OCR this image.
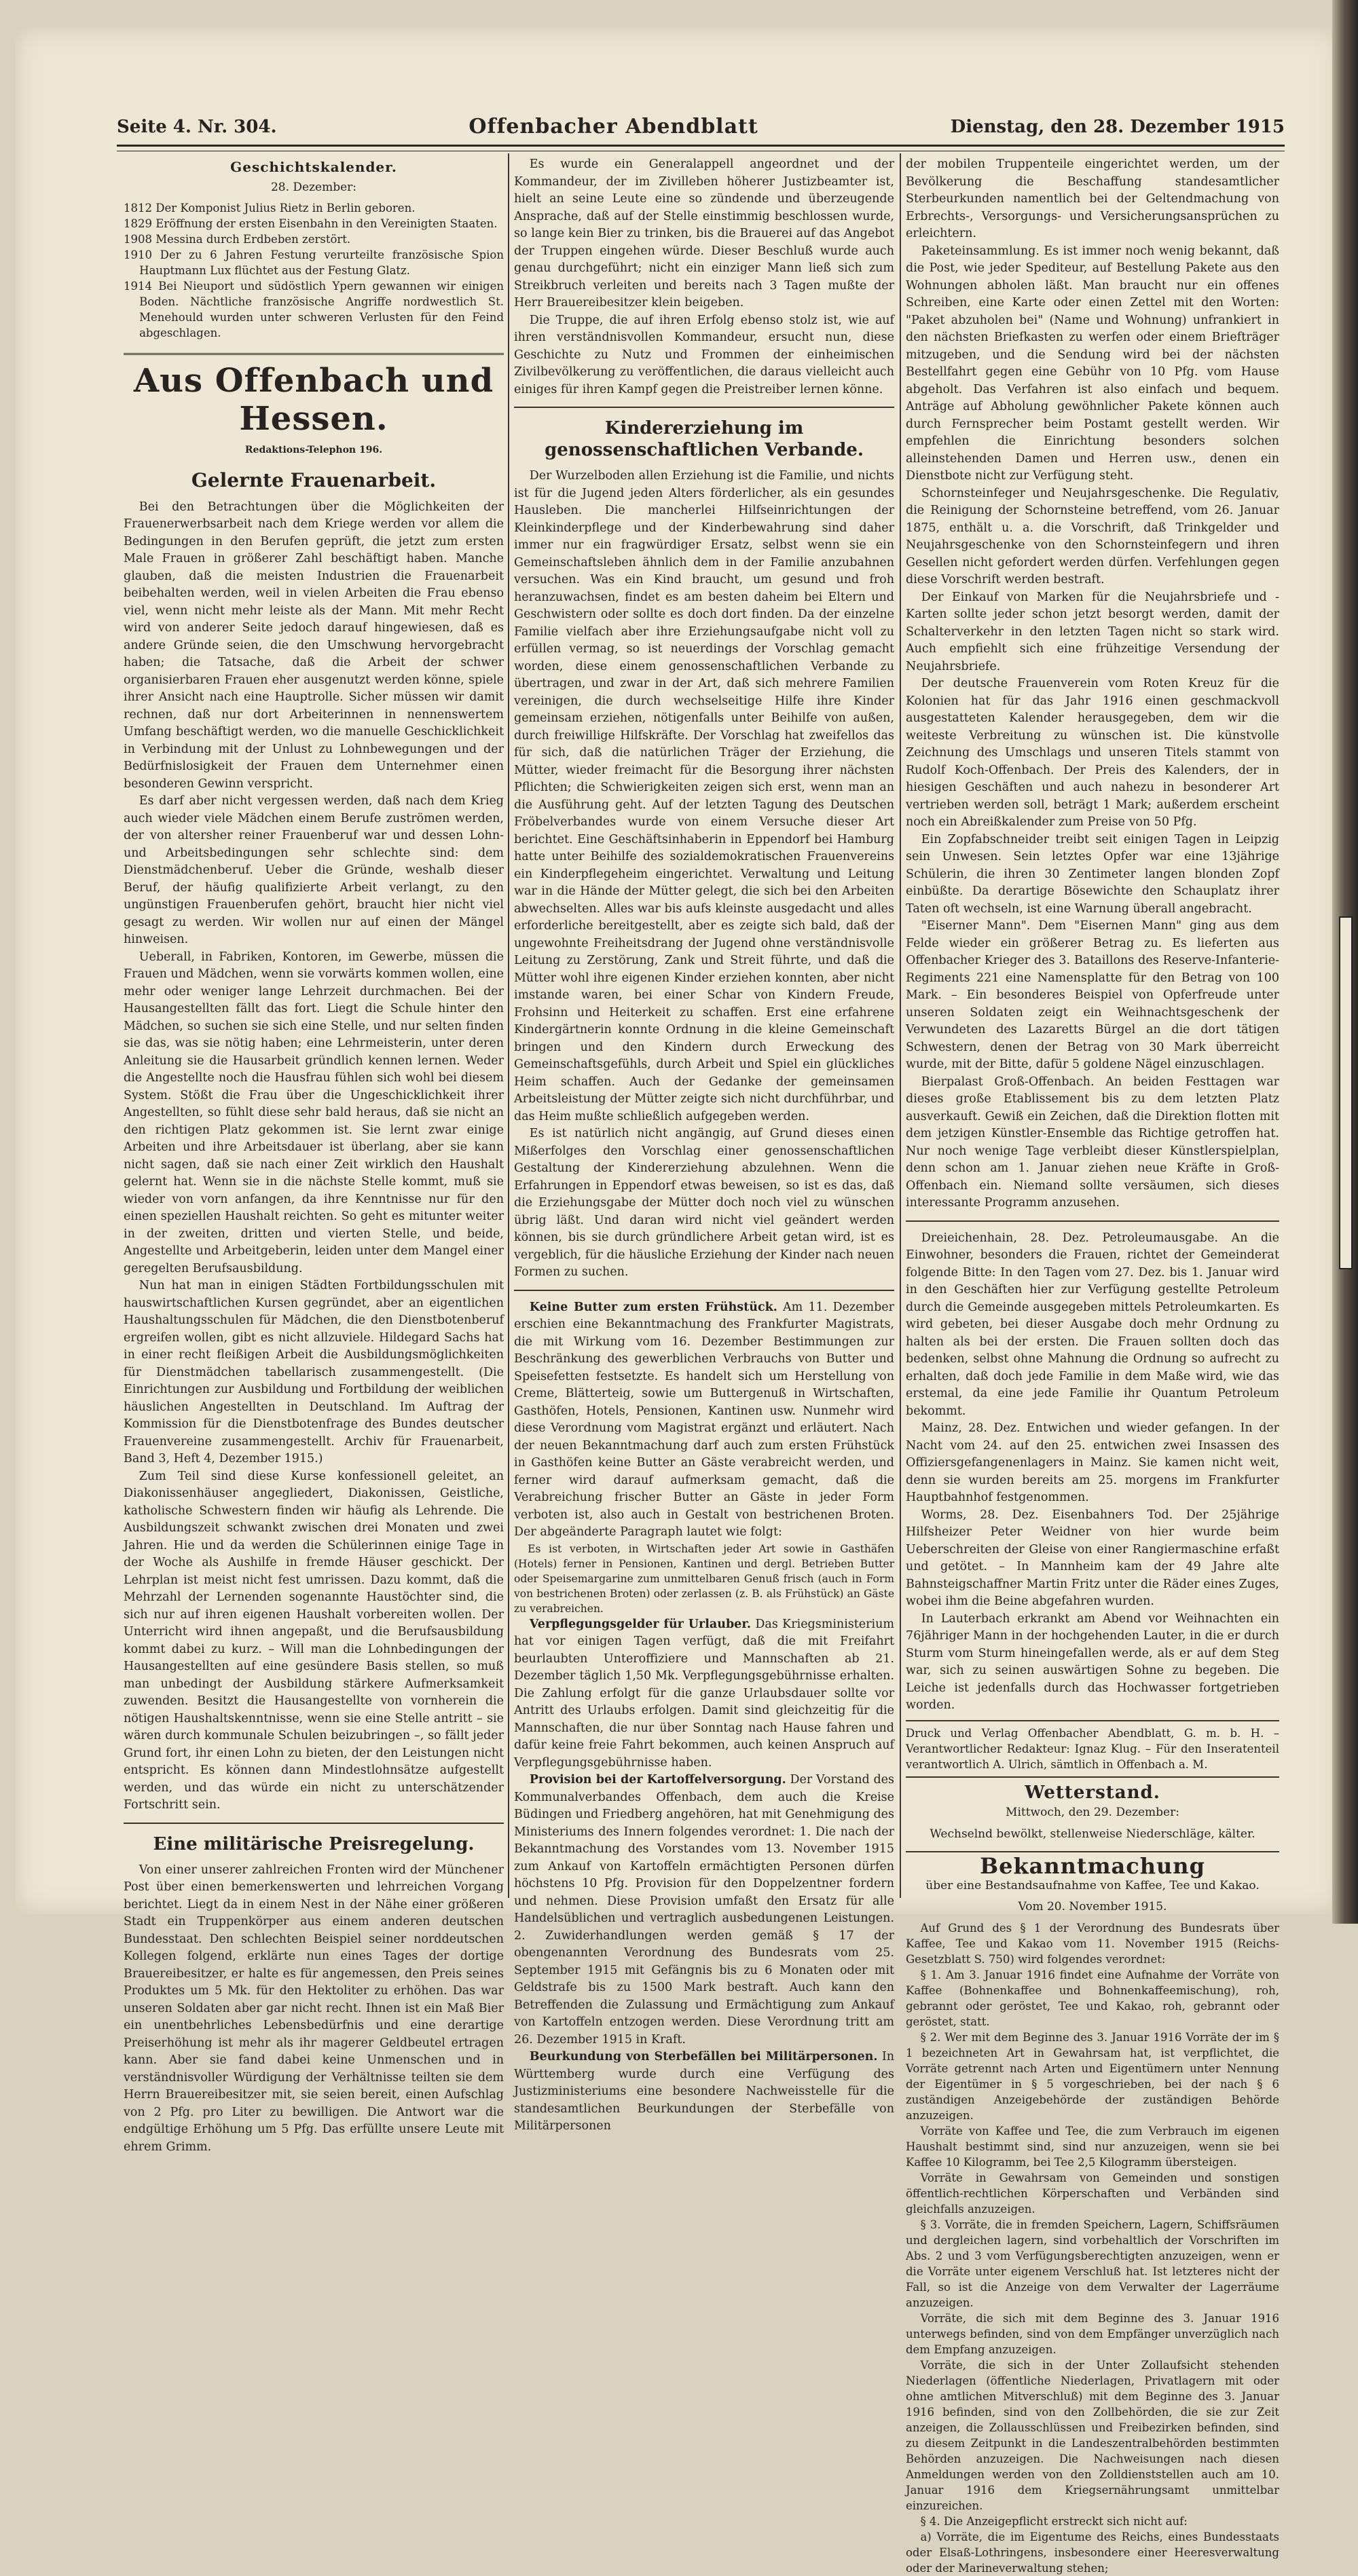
Seite 4. Nr. 304.	Offenbacher Abendblatt	Dienstag, den 28. Dezember 1915
Geschichtskalender.
28. Dezember:

1812 Der Komponist Julius Rietz in Berlin geboren.

1829 Eröffnung der ersten Eisenbahn in den Vereinigten Staaten.

1908 Messina durch Erdbeben zerstört.

1910 Der zu 6 Jahren Festung verurteilte französische Spion Hauptmann Lux flüchtet aus der Festung Glatz.

1914 Bei Nieuport und südöstlich Ypern gewannen wir einigen Boden. Nächtliche französische Angriffe nordwestlich St. Menehould wurden unter schweren Verlusten für den Feind abgeschlagen.

Aus Offenbach und Hessen.
Redaktions-Telephon 196.
Gelernte Frauenarbeit.

Bei den Betrachtungen über die Möglichkeiten der Frauenerwerbsarbeit nach dem Kriege werden vor allem die Bedingungen in den Berufen geprüft, die jetzt zum ersten Male Frauen in größerer Zahl beschäftigt haben. Manche glauben, daß die meisten Industrien die Frauenarbeit beibehalten werden, weil in vielen Arbeiten die Frau ebenso viel, wenn nicht mehr leiste als der Mann. Mit mehr Recht wird von anderer Seite jedoch darauf hingewiesen, daß es andere Gründe seien, die den Umschwung hervorgebracht haben; die Tatsache, daß die Arbeit der schwer organisierbaren Frauen eher ausgenutzt werden könne, spiele ihrer Ansicht nach eine Hauptrolle. Sicher müssen wir damit rechnen, daß nur dort Arbeiterinnen in nennenswertem Umfang beschäftigt werden, wo die manuelle Geschicklichkeit in Verbindung mit der Unlust zu Lohnbewegungen und der Bedürfnislosigkeit der Frauen dem Unternehmer einen besonderen Gewinn verspricht.

Es darf aber nicht vergessen werden, daß nach dem Krieg auch wieder viele Mädchen einem Berufe zuströmen werden, der von altersher reiner Frauenberuf war und dessen Lohn- und Arbeitsbedingungen sehr schlechte sind: dem Dienstmädchenberuf. Ueber die Gründe, weshalb dieser Beruf, der häufig qualifizierte Arbeit verlangt, zu den ungünstigen Frauenberufen gehört, braucht hier nicht viel gesagt zu werden. Wir wollen nur auf einen der Mängel hinweisen.

Ueberall, in Fabriken, Kontoren, im Gewerbe, müssen die Frauen und Mädchen, wenn sie vorwärts kommen wollen, eine mehr oder weniger lange Lehrzeit durchmachen. Bei der Hausangestellten fällt das fort. Liegt die Schule hinter den Mädchen, so suchen sie sich eine Stelle, und nur selten finden sie das, was sie nötig haben; eine Lehrmeisterin, unter deren Anleitung sie die Hausarbeit gründlich kennen lernen. Weder die Angestellte noch die Hausfrau fühlen sich wohl bei diesem System. Stößt die Frau über die Ungeschicklichkeit ihrer Angestellten, so fühlt diese sehr bald heraus, daß sie nicht an den richtigen Platz gekommen ist. Sie lernt zwar einige Arbeiten und ihre Arbeitsdauer ist überlang, aber sie kann nicht sagen, daß sie nach einer Zeit wirklich den Haushalt gelernt hat. Wenn sie in die nächste Stelle kommt, muß sie wieder von vorn anfangen, da ihre Kenntnisse nur für den einen speziellen Haushalt reichten. So geht es mitunter weiter in der zweiten, dritten und vierten Stelle, und beide, Angestellte und Arbeitgeberin, leiden unter dem Mangel einer geregelten Berufsausbildung.

Nun hat man in einigen Städten Fortbildungsschulen mit hauswirtschaftlichen Kursen gegründet, aber an eigentlichen Haushaltungsschulen für Mädchen, die den Dienstbotenberuf ergreifen wollen, gibt es nicht allzuviele. Hildegard Sachs hat in einer recht fleißigen Arbeit die Ausbildungsmöglichkeiten für Dienstmädchen tabellarisch zusammengestellt. (Die Einrichtungen zur Ausbildung und Fortbildung der weiblichen häuslichen Angestellten in Deutschland. Im Auftrag der Kommission für die Dienstbotenfrage des Bundes deutscher Frauenvereine zusammengestellt. Archiv für Frauenarbeit, Band 3, Heft 4, Dezember 1915.)

Zum Teil sind diese Kurse konfessionell geleitet, an Diakonissenhäuser angegliedert, Diakonissen, Geistliche, katholische Schwestern finden wir häufig als Lehrende. Die Ausbildungszeit schwankt zwischen drei Monaten und zwei Jahren. Hie und da werden die Schülerinnen einige Tage in der Woche als Aushilfe in fremde Häuser geschickt. Der Lehrplan ist meist nicht fest umrissen. Dazu kommt, daß die Mehrzahl der Lernenden sogenannte Haustöchter sind, die sich nur auf ihren eigenen Haushalt vorbereiten wollen. Der Unterricht wird ihnen angepaßt, und die Berufsausbildung kommt dabei zu kurz. – Will man die Lohnbedingungen der Hausangestellten auf eine gesündere Basis stellen, so muß man unbedingt der Ausbildung stärkere Aufmerksamkeit zuwenden. Besitzt die Hausangestellte von vornherein die nötigen Haushaltskenntnisse, wenn sie eine Stelle antritt – sie wären durch kommunale Schulen beizubringen –, so fällt jeder Grund fort, ihr einen Lohn zu bieten, der den Leistungen nicht entspricht. Es können dann Mindestlohnsätze aufgestellt werden, und das würde ein nicht zu unterschätzender Fortschritt sein.

Eine militärische Preisregelung.

Von einer unserer zahlreichen Fronten wird der Münchener Post über einen bemerkenswerten und lehrreichen Vorgang berichtet. Liegt da in einem Nest in der Nähe einer größeren Stadt ein Truppenkörper aus einem anderen deutschen Bundesstaat. Den schlechten Beispiel seiner norddeutschen Kollegen folgend, erklärte nun eines Tages der dortige Brauereibesitzer, er halte es für angemessen, den Preis seines Produktes um 5 Mk. für den Hektoliter zu erhöhen. Das war unseren Soldaten aber gar nicht recht. Ihnen ist ein Maß Bier ein unentbehrliches Lebensbedürfnis und eine derartige Preiserhöhung ist mehr als ihr magerer Geldbeutel ertragen kann. Aber sie fand dabei keine Unmenschen und in verständnisvoller Würdigung der Verhältnisse teilten sie dem Herrn Brauereibesitzer mit, sie seien bereit, einen Aufschlag von 2 Pfg. pro Liter zu bewilligen. Die Antwort war die endgültige Erhöhung um 5 Pfg. Das erfüllte unsere Leute mit ehrem Grimm.

Es wurde ein Generalappell angeordnet und der Kommandeur, der im Zivilleben höherer Justizbeamter ist, hielt an seine Leute eine so zündende und überzeugende Ansprache, daß auf der Stelle einstimmig beschlossen wurde, so lange kein Bier zu trinken, bis die Brauerei auf das Angebot der Truppen eingehen würde. Dieser Beschluß wurde auch genau durchgeführt; nicht ein einziger Mann ließ sich zum Streikbruch verleiten und bereits nach 3 Tagen mußte der Herr Brauereibesitzer klein beigeben.

Die Truppe, die auf ihren Erfolg ebenso stolz ist, wie auf ihren verständnisvollen Kommandeur, ersucht nun, diese Geschichte zu Nutz und Frommen der einheimischen Zivilbevölkerung zu veröffentlichen, die daraus vielleicht auch einiges für ihren Kampf gegen die Preistreiber lernen könne.

Kindererziehung im genossenschaftlichen Verbande.

Der Wurzelboden allen Erziehung ist die Familie, und nichts ist für die Jugend jeden Alters förderlicher, als ein gesundes Hausleben. Die mancherlei Hilfseinrichtungen der Kleinkinderpflege und der Kinderbewahrung sind daher immer nur ein fragwürdiger Ersatz, selbst wenn sie ein Gemeinschaftsleben ähnlich dem in der Familie anzubahnen versuchen. Was ein Kind braucht, um gesund und froh heranzuwachsen, findet es am besten daheim bei Eltern und Geschwistern oder sollte es doch dort finden. Da der einzelne Familie vielfach aber ihre Erziehungsaufgabe nicht voll zu erfüllen vermag, so ist neuerdings der Vorschlag gemacht worden, diese einem genossenschaftlichen Verbande zu übertragen, und zwar in der Art, daß sich mehrere Familien vereinigen, die durch wechselseitige Hilfe ihre Kinder gemeinsam erziehen, nötigenfalls unter Beihilfe von außen, durch freiwillige Hilfskräfte. Der Vorschlag hat zweifellos das für sich, daß die natürlichen Träger der Erziehung, die Mütter, wieder freimacht für die Besorgung ihrer nächsten Pflichten; die Schwierigkeiten zeigen sich erst, wenn man an die Ausführung geht. Auf der letzten Tagung des Deutschen Fröbelverbandes wurde von einem Versuche dieser Art berichtet. Eine Geschäftsinhaberin in Eppendorf bei Hamburg hatte unter Beihilfe des sozialdemokratischen Frauenvereins ein Kinderpflegeheim eingerichtet. Verwaltung und Leitung war in die Hände der Mütter gelegt, die sich bei den Arbeiten abwechselten. Alles war bis aufs kleinste ausgedacht und alles erforderliche bereitgestellt, aber es zeigte sich bald, daß der ungewohnte Freiheitsdrang der Jugend ohne verständnisvolle Leitung zu Zerstörung, Zank und Streit führte, und daß die Mütter wohl ihre eigenen Kinder erziehen konnten, aber nicht imstande waren, bei einer Schar von Kindern Freude, Frohsinn und Heiterkeit zu schaffen. Erst eine erfahrene Kindergärtnerin konnte Ordnung in die kleine Gemeinschaft bringen und den Kindern durch Erweckung des Gemeinschaftsgefühls, durch Arbeit und Spiel ein glückliches Heim schaffen. Auch der Gedanke der gemeinsamen Arbeitsleistung der Mütter zeigte sich nicht durchführbar, und das Heim mußte schließlich aufgegeben werden.

Es ist natürlich nicht angängig, auf Grund dieses einen Mißerfolges den Vorschlag einer genossenschaftlichen Gestaltung der Kindererziehung abzulehnen. Wenn die Erfahrungen in Eppendorf etwas beweisen, so ist es das, daß die Erziehungsgabe der Mütter doch noch viel zu wünschen übrig läßt. Und daran wird nicht viel geändert werden können, bis sie durch gründlichere Arbeit getan wird, ist es vergeblich, für die häusliche Erziehung der Kinder nach neuen Formen zu suchen.

Keine Butter zum ersten Frühstück. Am 11. Dezember erschien eine Bekanntmachung des Frankfurter Magistrats, die mit Wirkung vom 16. Dezember Bestimmungen zur Beschränkung des gewerblichen Verbrauchs von Butter und Speisefetten festsetzte. Es handelt sich um Herstellung von Creme, Blätterteig, sowie um Buttergenuß in Wirtschaften, Gasthöfen, Hotels, Pensionen, Kantinen usw. Nunmehr wird diese Verordnung vom Magistrat ergänzt und erläutert. Nach der neuen Bekanntmachung darf auch zum ersten Frühstück in Gasthöfen keine Butter an Gäste verabreicht werden, und ferner wird darauf aufmerksam gemacht, daß die Verabreichung frischer Butter an Gäste in jeder Form verboten ist, also auch in Gestalt von bestrichenen Broten. Der abgeänderte Paragraph lautet wie folgt:

Es ist verboten, in Wirtschaften jeder Art sowie in Gasthäfen (Hotels) ferner in Pensionen, Kantinen und dergl. Betrieben Butter oder Speisemargarine zum unmittelbaren Genuß frisch (auch in Form von bestrichenen Broten) oder zerlassen (z. B. als Frühstück) an Gäste zu verabreichen.

Verpflegungsgelder für Urlauber. Das Kriegsministerium hat vor einigen Tagen verfügt, daß die mit Freifahrt beurlaubten Unteroffiziere und Mannschaften ab 21. Dezember täglich 1,50 Mk. Verpflegungsgebührnisse erhalten. Die Zahlung erfolgt für die ganze Urlaubsdauer sollte vor Antritt des Urlaubs erfolgen. Damit sind gleichzeitig für die Mannschaften, die nur über Sonntag nach Hause fahren und dafür keine freie Fahrt bekommen, auch keinen Anspruch auf Verpflegungsgebührnisse haben.

Provision bei der Kartoffelversorgung. Der Vorstand des Kommunalverbandes Offenbach, dem auch die Kreise Büdingen und Friedberg angehören, hat mit Genehmigung des Ministeriums des Innern folgendes verordnet: 1. Die nach der Bekanntmachung des Vorstandes vom 13. November 1915 zum Ankauf von Kartoffeln ermächtigten Personen dürfen höchstens 10 Pfg. Provision für den Doppelzentner fordern und nehmen. Diese Provision umfaßt den Ersatz für alle Handelsüblichen und vertraglich ausbedungenen Leistungen. 2. Zuwiderhandlungen werden gemäß § 17 der obengenannten Verordnung des Bundesrats vom 25. September 1915 mit Gefängnis bis zu 6 Monaten oder mit Geldstrafe bis zu 1500 Mark bestraft. Auch kann den Betreffenden die Zulassung und Ermächtigung zum Ankauf von Kartoffeln entzogen werden. Diese Verordnung tritt am 26. Dezember 1915 in Kraft.

Beurkundung von Sterbefällen bei Militärpersonen. In Württemberg wurde durch eine Verfügung des Justizministeriums eine besondere Nachweisstelle für die standesamtlichen Beurkundungen der Sterbefälle von Militärpersonen

der mobilen Truppenteile eingerichtet werden, um der Bevölkerung die Beschaffung standesamtlicher Sterbeurkunden namentlich bei der Geltendmachung von Erbrechts-, Versorgungs- und Versicherungsansprüchen zu erleichtern.

Paketeinsammlung. Es ist immer noch wenig bekannt, daß die Post, wie jeder Spediteur, auf Bestellung Pakete aus den Wohnungen abholen läßt. Man braucht nur ein offenes Schreiben, eine Karte oder einen Zettel mit den Worten: "Paket abzuholen bei" (Name und Wohnung) unfrankiert in den nächsten Briefkasten zu werfen oder einem Briefträger mitzugeben, und die Sendung wird bei der nächsten Bestellfahrt gegen eine Gebühr von 10 Pfg. vom Hause abgeholt. Das Verfahren ist also einfach und bequem. Anträge auf Abholung gewöhnlicher Pakete können auch durch Fernsprecher beim Postamt gestellt werden. Wir empfehlen die Einrichtung besonders solchen alleinstehenden Damen und Herren usw., denen ein Dienstbote nicht zur Verfügung steht.

Schornsteinfeger und Neujahrsgeschenke. Die Regulativ, die Reinigung der Schornsteine betreffend, vom 26. Januar 1875, enthält u. a. die Vorschrift, daß Trinkgelder und Neujahrsgeschenke von den Schornsteinfegern und ihren Gesellen nicht gefordert werden dürfen. Verfehlungen gegen diese Vorschrift werden bestraft.

Der Einkauf von Marken für die Neujahrsbriefe und -Karten sollte jeder schon jetzt besorgt werden, damit der Schalterverkehr in den letzten Tagen nicht so stark wird. Auch empfiehlt sich eine frühzeitige Versendung der Neujahrsbriefe.

Der deutsche Frauenverein vom Roten Kreuz für die Kolonien hat für das Jahr 1916 einen geschmackvoll ausgestatteten Kalender herausgegeben, dem wir die weiteste Verbreitung zu wünschen ist. Die künstvolle Zeichnung des Umschlags und unseren Titels stammt von Rudolf Koch-Offenbach. Der Preis des Kalenders, der in hiesigen Geschäften und auch nahezu in besonderer Art vertrieben werden soll, beträgt 1 Mark; außerdem erscheint noch ein Abreißkalender zum Preise von 50 Pfg.

Ein Zopfabschneider treibt seit einigen Tagen in Leipzig sein Unwesen. Sein letztes Opfer war eine 13jährige Schülerin, die ihren 30 Zentimeter langen blonden Zopf einbüßte. Da derartige Bösewichte den Schauplatz ihrer Taten oft wechseln, ist eine Warnung überall angebracht.

"Eiserner Mann". Dem "Eisernen Mann" ging aus dem Felde wieder ein größerer Betrag zu. Es lieferten aus Offenbacher Krieger des 3. Bataillons des Reserve-Infanterie-Regiments 221 eine Namensplatte für den Betrag von 100 Mark. – Ein besonderes Beispiel von Opferfreude unter unseren Soldaten zeigt ein Weihnachtsgeschenk der Verwundeten des Lazaretts Bürgel an die dort tätigen Schwestern, denen der Betrag von 30 Mark überreicht wurde, mit der Bitte, dafür 5 goldene Nägel einzuschlagen.

Bierpalast Groß-Offenbach. An beiden Festtagen war dieses große Etablissement bis zu dem letzten Platz ausverkauft. Gewiß ein Zeichen, daß die Direktion flotten mit dem jetzigen Künstler-Ensemble das Richtige getroffen hat. Nur noch wenige Tage verbleibt dieser Künstlerspielplan, denn schon am 1. Januar ziehen neue Kräfte in Groß-Offenbach ein. Niemand sollte versäumen, sich dieses interessante Programm anzusehen.

Dreieichenhain, 28. Dez. Petroleumausgabe. An die Einwohner, besonders die Frauen, richtet der Gemeinderat folgende Bitte: In den Tagen vom 27. Dez. bis 1. Januar wird in den Geschäften hier zur Verfügung gestellte Petroleum durch die Gemeinde ausgegeben mittels Petroleumkarten. Es wird gebeten, bei dieser Ausgabe doch mehr Ordnung zu halten als bei der ersten. Die Frauen sollten doch das bedenken, selbst ohne Mahnung die Ordnung so aufrecht zu erhalten, daß doch jede Familie in dem Maße wird, wie das erstemal, da eine jede Familie ihr Quantum Petroleum bekommt.

Mainz, 28. Dez. Entwichen und wieder gefangen. In der Nacht vom 24. auf den 25. entwichen zwei Insassen des Offiziersgefangenenlagers in Mainz. Sie kamen nicht weit, denn sie wurden bereits am 25. morgens im Frankfurter Hauptbahnhof festgenommen.

Worms, 28. Dez. Eisenbahners Tod. Der 25jährige Hilfsheizer Peter Weidner von hier wurde beim Ueberschreiten der Gleise von einer Rangiermaschine erfaßt und getötet. – In Mannheim kam der 49 Jahre alte Bahnsteigschaffner Martin Fritz unter die Räder eines Zuges, wobei ihm die Beine abgefahren wurden.

In Lauterbach erkrankt am Abend vor Weihnachten ein 76jähriger Mann in der hochgehenden Lauter, in die er durch Sturm vom Sturm hineingefallen werde, als er auf dem Steg war, sich zu seinen auswärtigen Sohne zu begeben. Die Leiche ist jedenfalls durch das Hochwasser fortgetrieben worden.

Druck und Verlag Offenbacher Abendblatt, G. m. b. H. – Verantwortlicher Redakteur: Ignaz Klug. – Für den Inseratenteil verantwortlich A. Ulrich, sämtlich in Offenbach a. M.
Wetterstand.
Mittwoch, den 29. Dezember:
Wechselnd bewölkt, stellenweise Niederschläge, kälter.
Bekanntmachung
über eine Bestandsaufnahme von Kaffee, Tee und Kakao.
Vom 20. November 1915.

Auf Grund des § 1 der Verordnung des Bundesrats über Kaffee, Tee und Kakao vom 11. November 1915 (Reichs-Gesetzblatt S. 750) wird folgendes verordnet:

§ 1. Am 3. Januar 1916 findet eine Aufnahme der Vorräte von Kaffee (Bohnenkaffee und Bohnenkaffeemischung), roh, gebrannt oder geröstet, Tee und Kakao, roh, gebrannt oder geröstet, statt.

§ 2. Wer mit dem Beginne des 3. Januar 1916 Vorräte der im § 1 bezeichneten Art in Gewahrsam hat, ist verpflichtet, die Vorräte getrennt nach Arten und Eigentümern unter Nennung der Eigentümer in § 5 vorgeschrieben, bei der nach § 6 zuständigen Anzeigebehörde der zuständigen Behörde anzuzeigen.

Vorräte von Kaffee und Tee, die zum Verbrauch im eigenen Haushalt bestimmt sind, sind nur anzuzeigen, wenn sie bei Kaffee 10 Kilogramm, bei Tee 2,5 Kilogramm übersteigen.

Vorräte in Gewahrsam von Gemeinden und sonstigen öffentlich-rechtlichen Körperschaften und Verbänden sind gleichfalls anzuzeigen.

§ 3. Vorräte, die in fremden Speichern, Lagern, Schiffsräumen und dergleichen lagern, sind vorbehaltlich der Vorschriften im Abs. 2 und 3 vom Verfügungsberechtigten anzuzeigen, wenn er die Vorräte unter eigenem Verschluß hat. Ist letzteres nicht der Fall, so ist die Anzeige von dem Verwalter der Lagerräume anzuzeigen.

Vorräte, die sich mit dem Beginne des 3. Januar 1916 unterwegs befinden, sind von dem Empfänger unverzüglich nach dem Empfang anzuzeigen.

Vorräte, die sich in der Unter Zollaufsicht stehenden Niederlagen (öffentliche Niederlagen, Privatlagern mit oder ohne amtlichen Mitverschluß) mit dem Beginne des 3. Januar 1916 befinden, sind von den Zollbehörden, die sie zur Zeit anzeigen, die Zollausschlüssen und Freibezirken befinden, sind zu diesem Zeitpunkt in die Landeszentralbehörden bestimmten Behörden anzuzeigen. Die Nachweisungen nach diesen Anmeldungen werden von den Zolldienststellen auch am 10. Januar 1916 dem Kriegsernährungsamt unmittelbar einzureichen.

§ 4. Die Anzeigepflicht erstreckt sich nicht auf:

a) Vorräte, die im Eigentume des Reichs, eines Bundesstaats oder Elsaß-Lothringens, insbesondere einer Heeresverwaltung oder der Marineverwaltung stehen;
